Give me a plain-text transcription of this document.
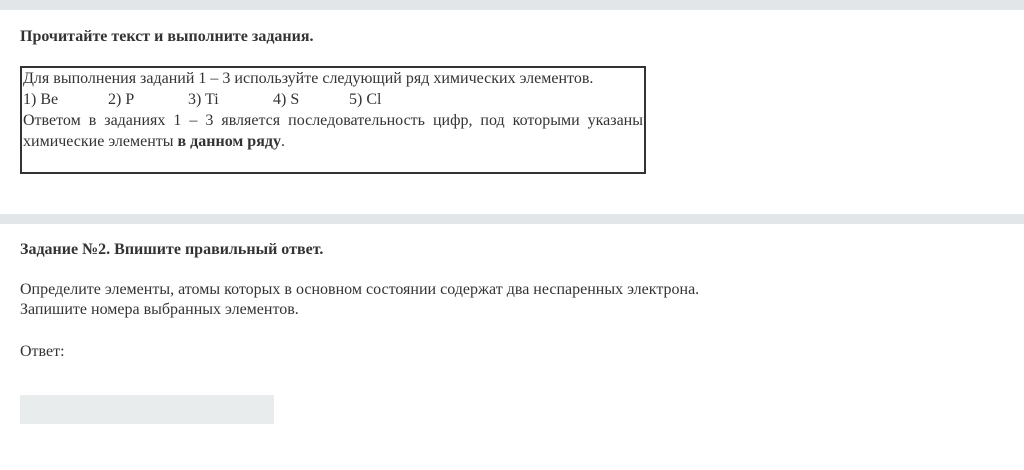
Прочитайте текст и выполните задания.

Для выполнения заданий 1 – 3 используйте следующий ряд химических элементов.

1) Be	2) P	3) Ti	4) S	5) Cl

Ответом в заданиях 1 – 3 является последовательность цифр, под которыми указаны химические элементы в данном ряду.

Задание №2. Впишите правильный ответ.
Определите элементы, атомы которых в основном состоянии содержат два неспаренных электрона.
Запишите номера выбранных элементов.
Ответ:
